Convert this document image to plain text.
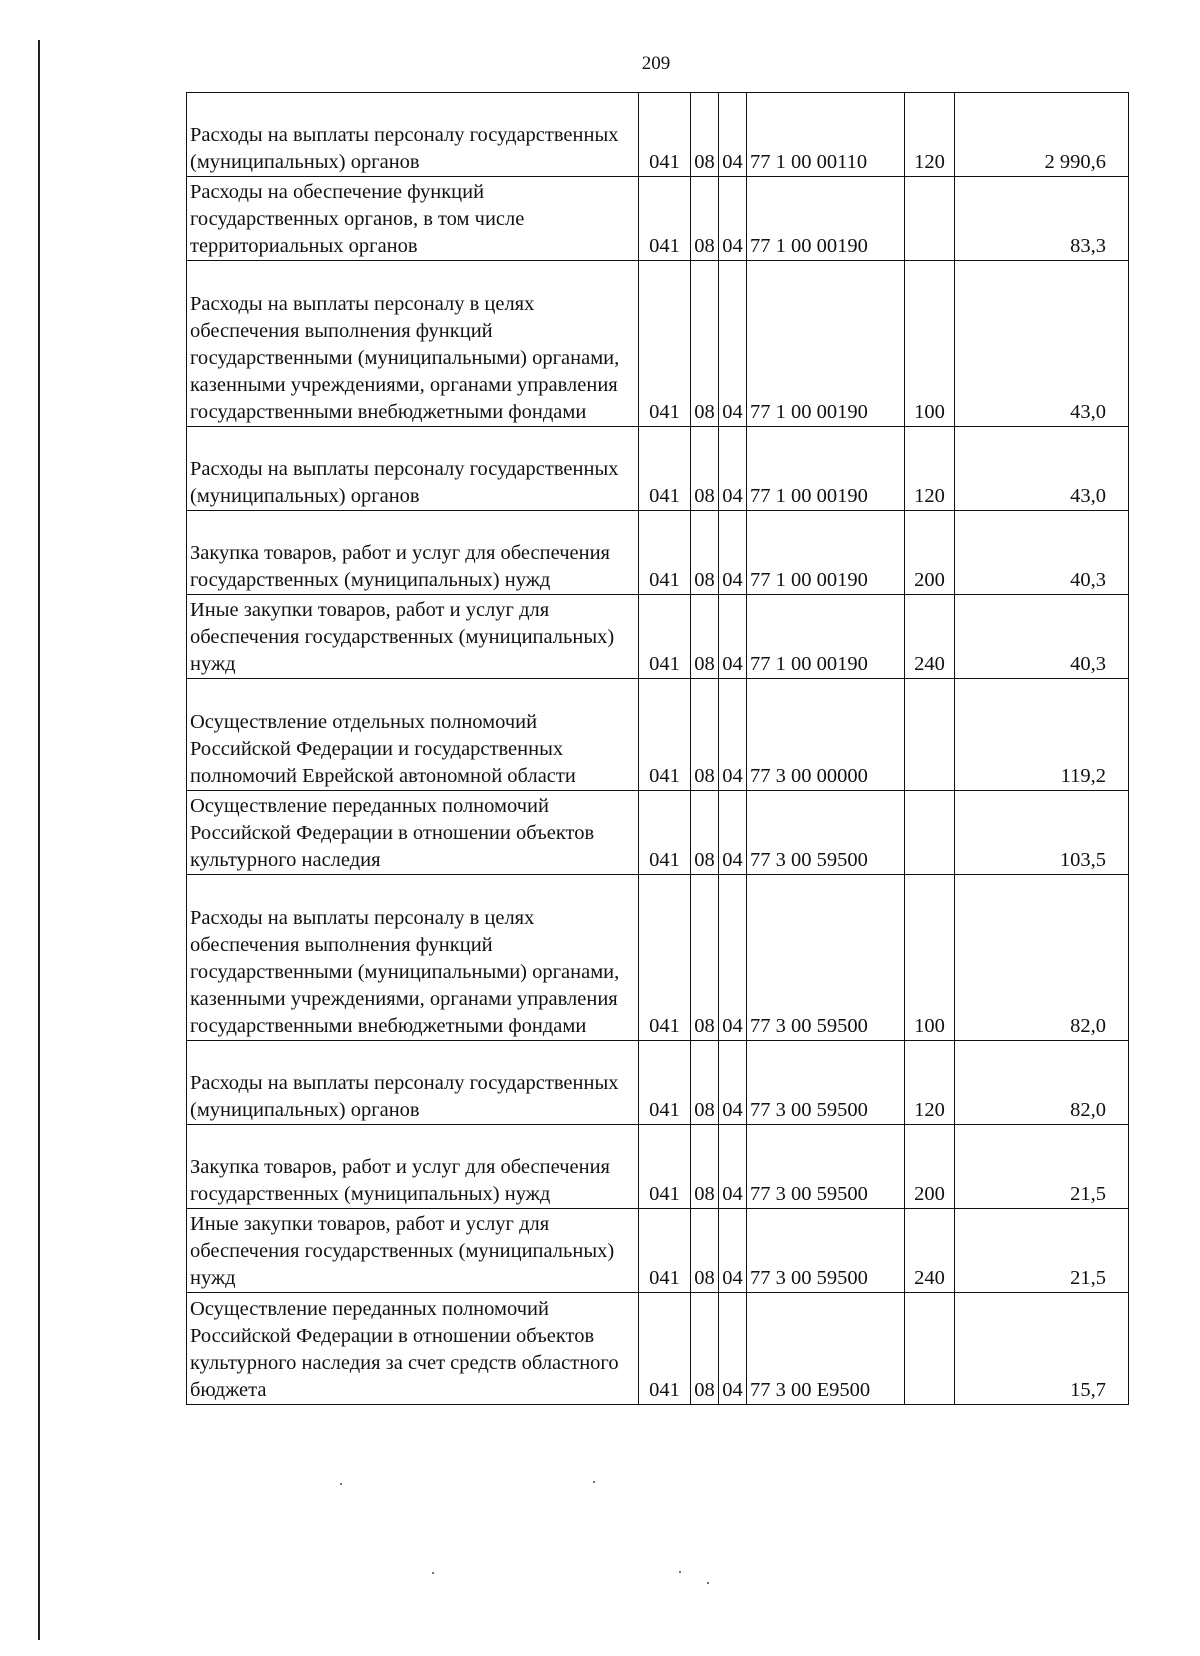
209
Расходы на выплаты персоналу государственных (муниципальных) органов	041	08	04	77 1 00 00110	120	2 990,6
Расходы на обеспечение функций государственных органов, в том числе территориальных органов	041	08	04	77 1 00 00190		83,3
Расходы на выплаты персоналу в целях обеспечения выполнения функций государственными (муниципальными) органами, казенными учреждениями, органами управления государственными внебюджетными фондами	041	08	04	77 1 00 00190	100	43,0
Расходы на выплаты персоналу государственных (муниципальных) органов	041	08	04	77 1 00 00190	120	43,0
Закупка товаров, работ и услуг для обеспечения государственных (муниципальных) нужд	041	08	04	77 1 00 00190	200	40,3
Иные закупки товаров, работ и услуг для обеспечения государственных (муниципальных) нужд	041	08	04	77 1 00 00190	240	40,3
Осуществление отдельных полномочий Российской Федерации и государственных полномочий Еврейской автономной области	041	08	04	77 3 00 00000		119,2
Осуществление переданных полномочий Российской Федерации в отношении объектов культурного наследия	041	08	04	77 3 00 59500		103,5
Расходы на выплаты персоналу в целях обеспечения выполнения функций государственными (муниципальными) органами, казенными учреждениями, органами управления государственными внебюджетными фондами	041	08	04	77 3 00 59500	100	82,0
Расходы на выплаты персоналу государственных (муниципальных) органов	041	08	04	77 3 00 59500	120	82,0
Закупка товаров, работ и услуг для обеспечения государственных (муниципальных) нужд	041	08	04	77 3 00 59500	200	21,5
Иные закупки товаров, работ и услуг для обеспечения государственных (муниципальных) нужд	041	08	04	77 3 00 59500	240	21,5
Осуществление переданных полномочий Российской Федерации в отношении объектов культурного наследия за счет средств областного бюджета	041	08	04	77 3 00 Е9500		15,7
